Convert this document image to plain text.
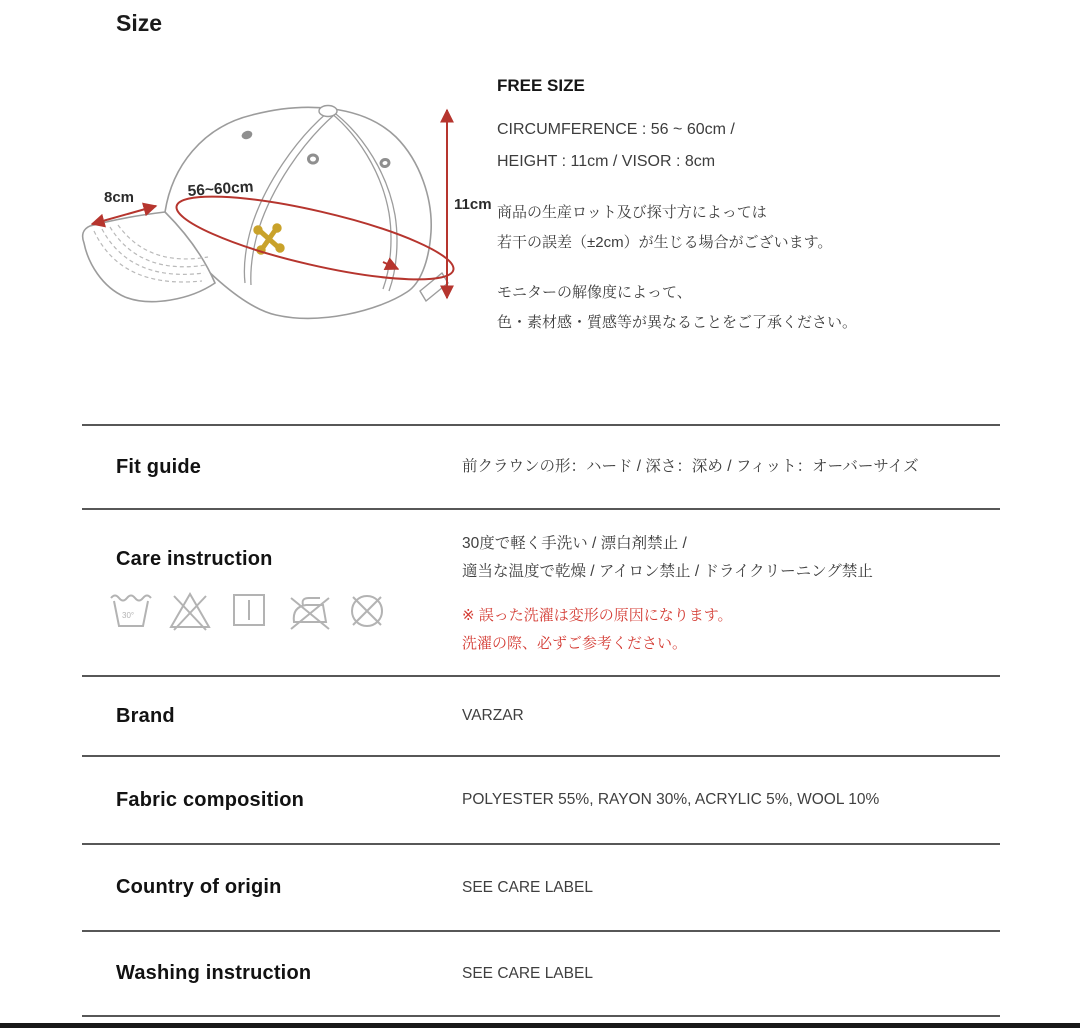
Size
8cm	56~60cm
11cm
FREE SIZE
CIRCUMFERENCE : 56 ~ 60cm /
HEIGHT : 11cm / VISOR : 8cm
商品の生産ロット及び探寸方によっては
若干の誤差（±2cm）が生じる場合がございます。
モニターの解像度によって、
色・素材感・質感等が異なることをご了承ください。
Fit guide	前クラウンの形：ハード / 深さ：深め / フィット：オーバーサイズ
Care instruction
30°
30度で軽く手洗い / 漂白剤禁止 /
適当な温度で乾燥 / アイロン禁止 / ドライクリーニング禁止
※ 誤った洗濯は変形の原因になります。
洗濯の際、必ずご参考ください。
Brand	VARZAR
Fabric composition	POLYESTER 55%, RAYON 30%, ACRYLIC 5%, WOOL 10%
Country of origin	SEE CARE LABEL
Washing instruction	SEE CARE LABEL
